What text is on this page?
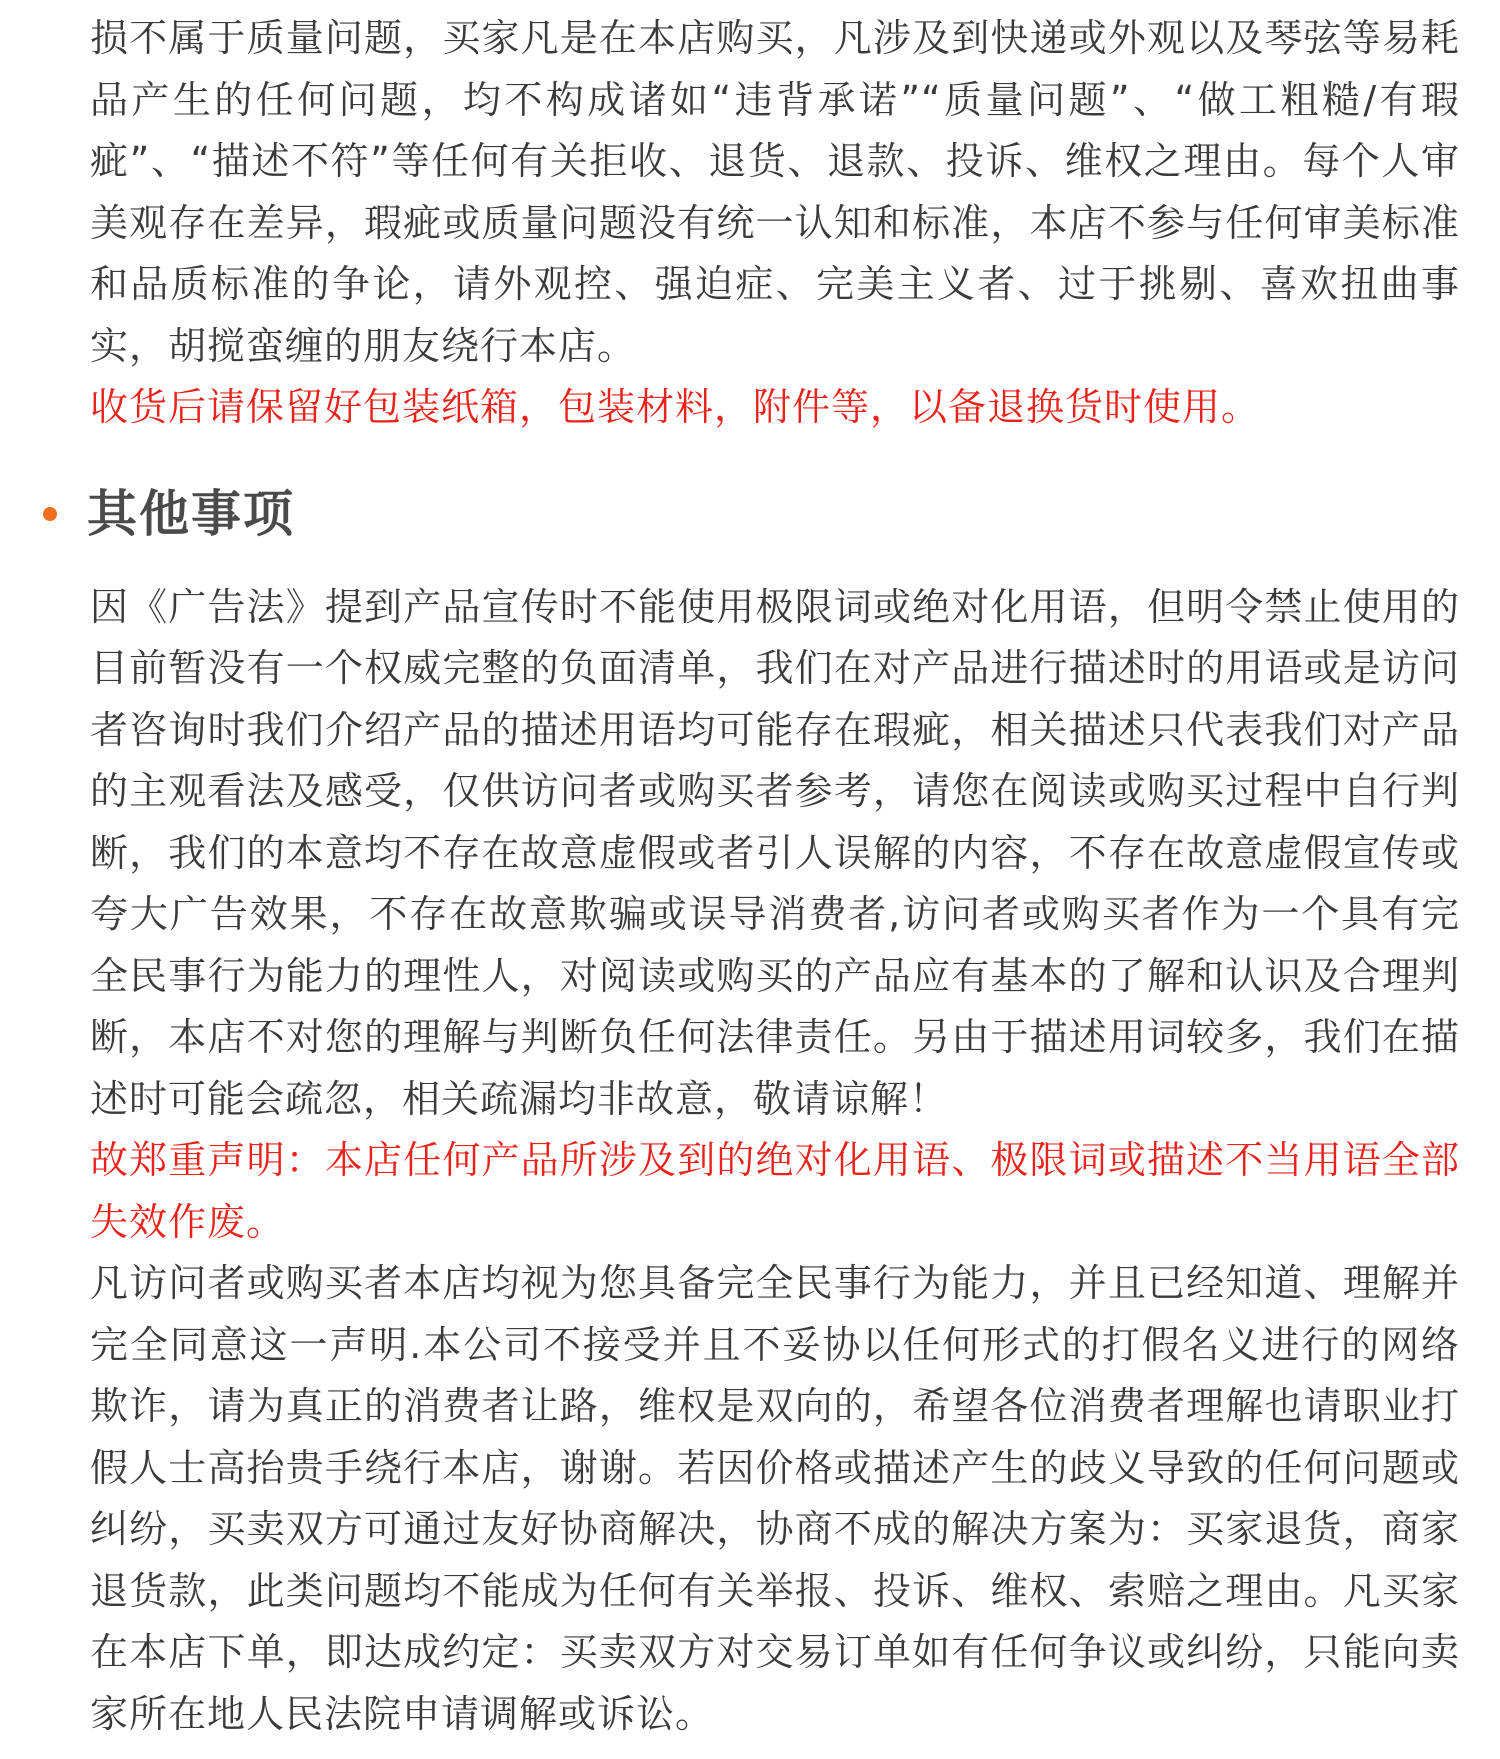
损不属于质量问题，买家凡是在本店购买，凡涉及到快递或外观以及琴弦等易耗品产生的任何问题，均不构成诸如“违背承诺”“质量问题”、“做工粗糙/有瑕疵”、“描述不符”等任何有关拒收、退货、退款、投诉、维权之理由。每个人审美观存在差异，瑕疵或质量问题没有统一认知和标准，本店不参与任何审美标准和品质标准的争论，请外观控、强迫症、完美主义者、过于挑剔、喜欢扭曲事实，胡搅蛮缠的朋友绕行本店。

收货后请保留好包装纸箱，包装材料，附件等，以备退换货时使用。

其他事项

因《广告法》提到产品宣传时不能使用极限词或绝对化用语，但明令禁止使用的目前暂没有一个权威完整的负面清单，我们在对产品进行描述时的用语或是访问者咨询时我们介绍产品的描述用语均可能存在瑕疵，相关描述只代表我们对产品的主观看法及感受，仅供访问者或购买者参考，请您在阅读或购买过程中自行判断，我们的本意均不存在故意虚假或者引人误解的内容，不存在故意虚假宣传或夸大广告效果，不存在故意欺骗或误导消费者,访问者或购买者作为一个具有完全民事行为能力的理性人，对阅读或购买的产品应有基本的了解和认识及合理判断，本店不对您的理解与判断负任何法律责任。另由于描述用词较多，我们在描述时可能会疏忽，相关疏漏均非故意，敬请谅解！

故郑重声明：本店任何产品所涉及到的绝对化用语、极限词或描述不当用语全部失效作废。

凡访问者或购买者本店均视为您具备完全民事行为能力，并且已经知道、理解并完全同意这一声明.本公司不接受并且不妥协以任何形式的打假名义进行的网络欺诈，请为真正的消费者让路，维权是双向的，希望各位消费者理解也请职业打假人士高抬贵手绕行本店，谢谢。若因价格或描述产生的歧义导致的任何问题或纠纷，买卖双方可通过友好协商解决，协商不成的解决方案为：买家退货，商家退货款，此类问题均不能成为任何有关举报、投诉、维权、索赔之理由。凡买家在本店下单，即达成约定：买卖双方对交易订单如有任何争议或纠纷，只能向卖家所在地人民法院申请调解或诉讼。
